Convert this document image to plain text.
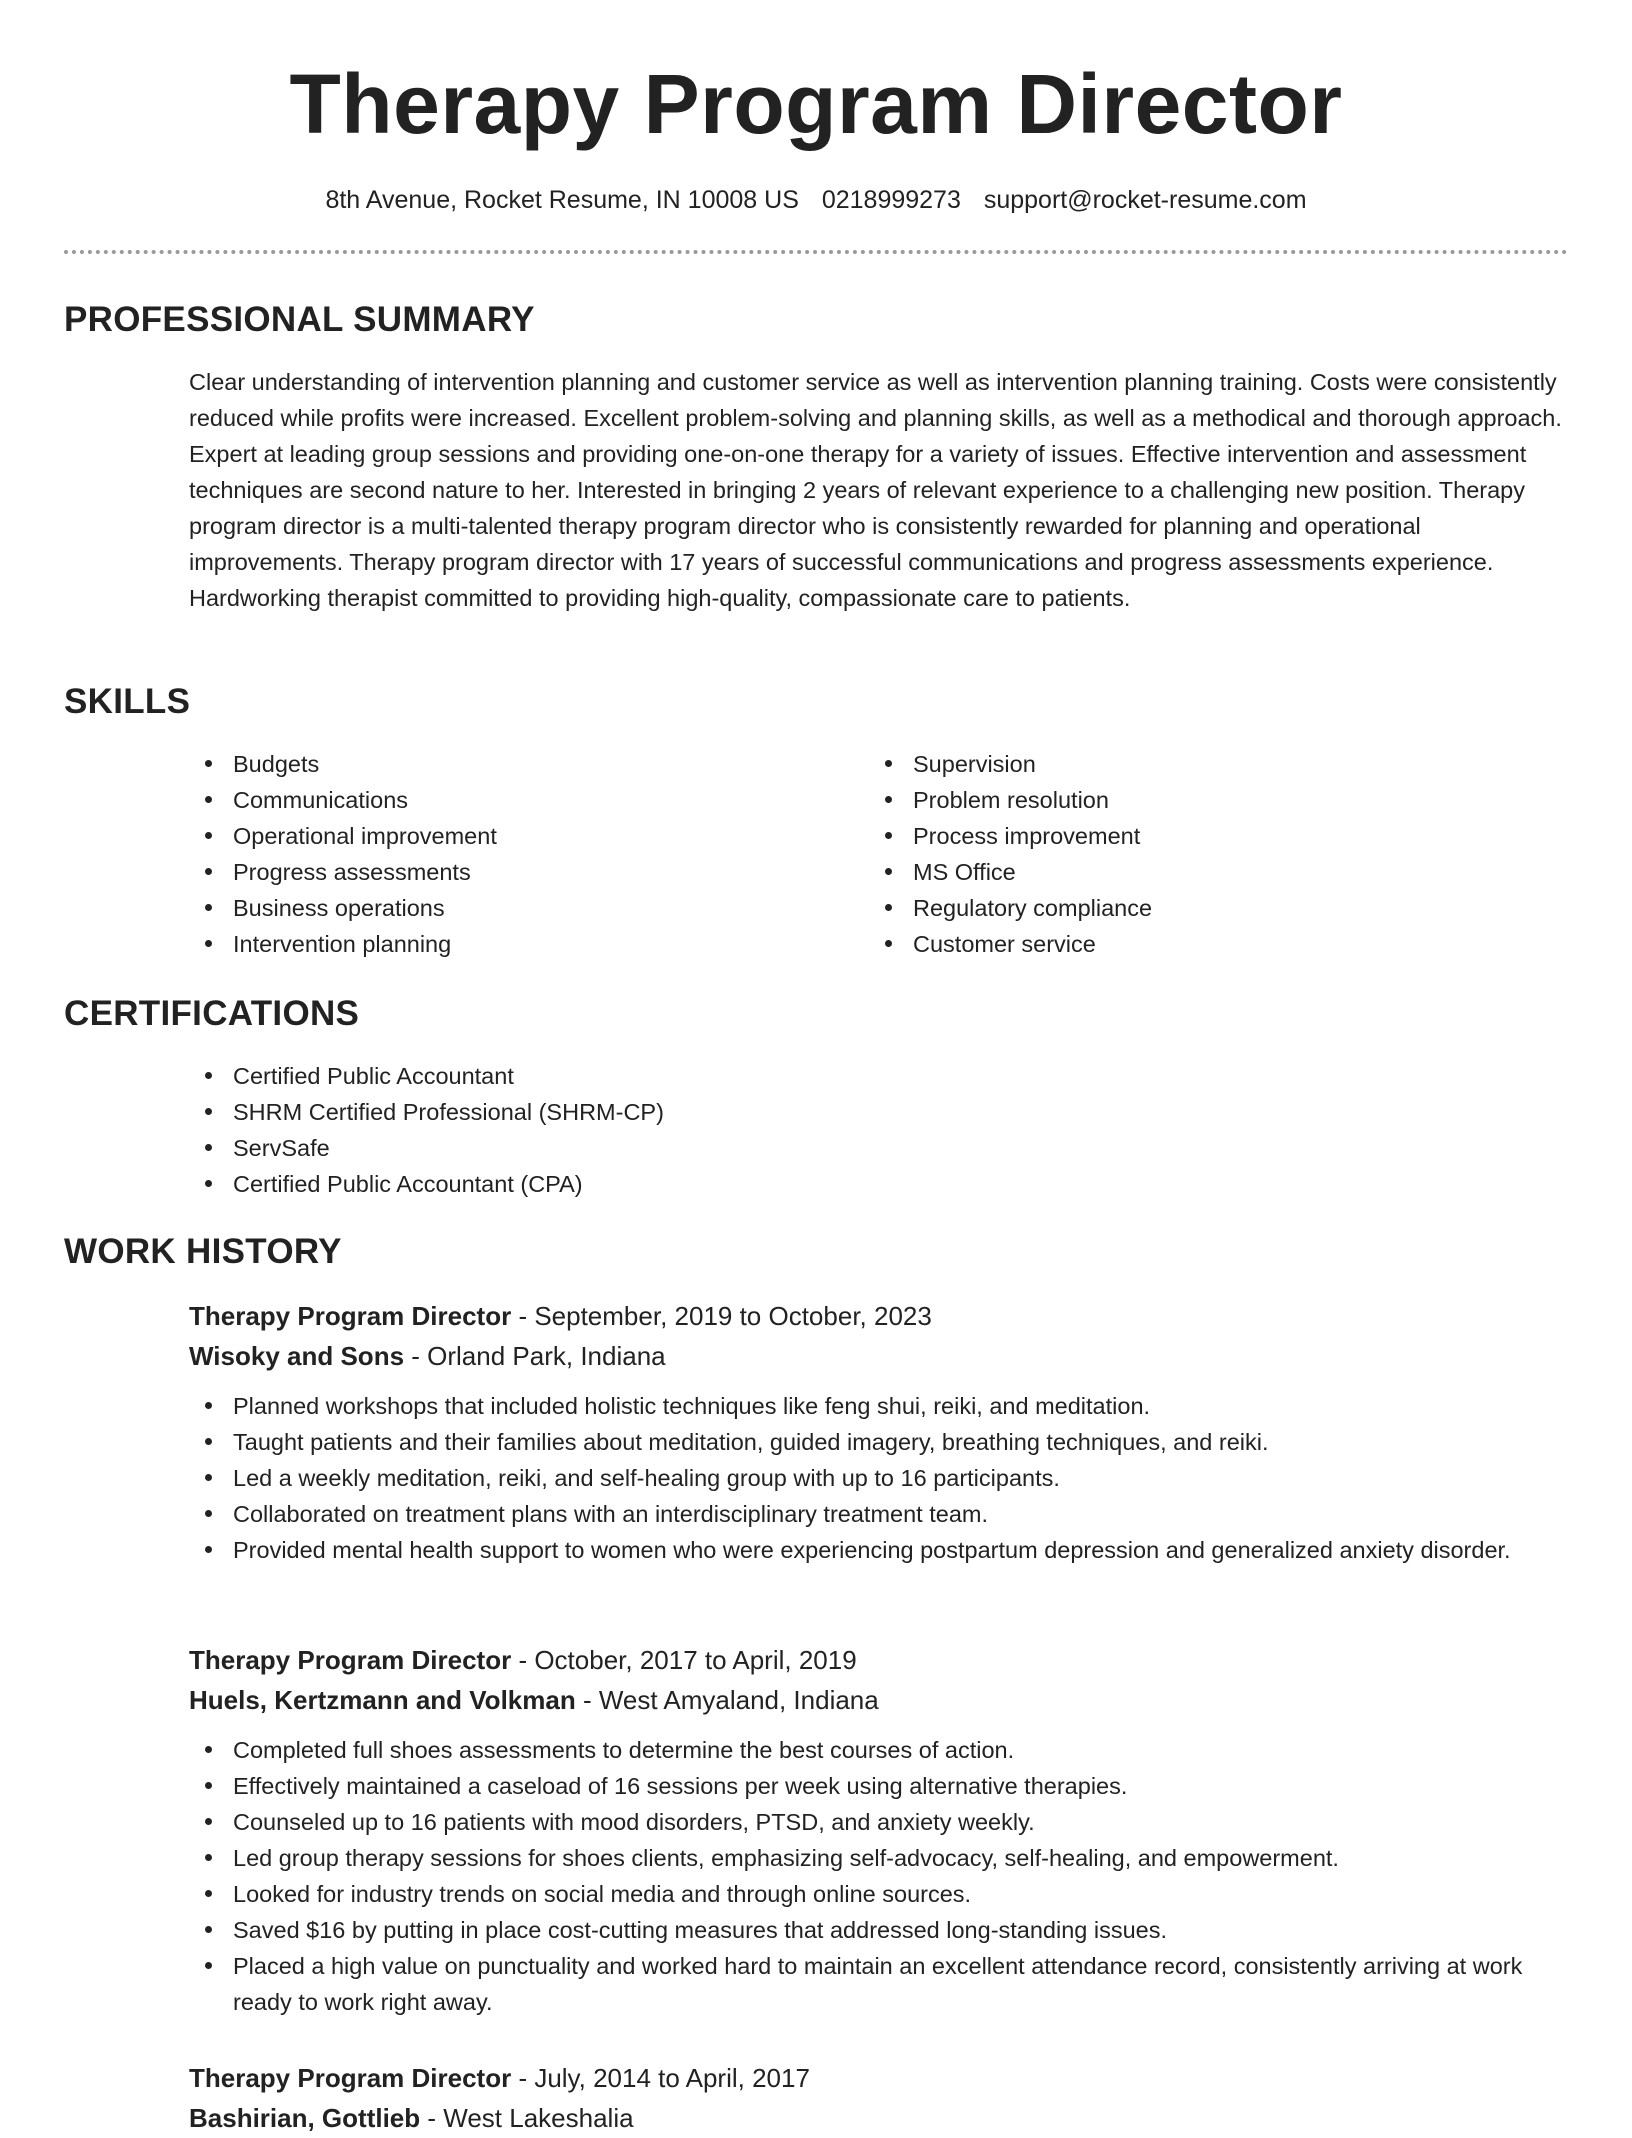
Therapy Program Director
8th Avenue, Rocket Resume, IN 10008 US 0218999273 support@rocket-resume.com
PROFESSIONAL SUMMARY
Clear understanding of intervention planning and customer service as well as intervention planning training. Costs were consistently reduced while profits were increased. Excellent problem-solving and planning skills, as well as a methodical and thorough approach. Expert at leading group sessions and providing one-on-one therapy for a variety of issues. Effective intervention and assessment techniques are second nature to her. Interested in bringing 2 years of relevant experience to a challenging new position. Therapy program director is a multi-talented therapy program director who is consistently rewarded for planning and operational improvements. Therapy program director with 17 years of successful communications and progress assessments experience. Hardworking therapist committed to providing high-quality, compassionate care to patients.
SKILLS
Budgets
Communications
Operational improvement
Progress assessments
Business operations
Intervention planning
Supervision
Problem resolution
Process improvement
MS Office
Regulatory compliance
Customer service
CERTIFICATIONS
Certified Public Accountant
SHRM Certified Professional (SHRM-CP)
ServSafe
Certified Public Accountant (CPA)
WORK HISTORY
Therapy Program Director - September, 2019 to October, 2023
Wisoky and Sons - Orland Park, Indiana
Planned workshops that included holistic techniques like feng shui, reiki, and meditation.
Taught patients and their families about meditation, guided imagery, breathing techniques, and reiki.
Led a weekly meditation, reiki, and self-healing group with up to 16 participants.
Collaborated on treatment plans with an interdisciplinary treatment team.
Provided mental health support to women who were experiencing postpartum depression and generalized anxiety disorder.
Therapy Program Director - October, 2017 to April, 2019
Huels, Kertzmann and Volkman - West Amyaland, Indiana
Completed full shoes assessments to determine the best courses of action.
Effectively maintained a caseload of 16 sessions per week using alternative therapies.
Counseled up to 16 patients with mood disorders, PTSD, and anxiety weekly.
Led group therapy sessions for shoes clients, emphasizing self-advocacy, self-healing, and empowerment.
Looked for industry trends on social media and through online sources.
Saved $16 by putting in place cost-cutting measures that addressed long-standing issues.
Placed a high value on punctuality and worked hard to maintain an excellent attendance record, consistently arriving at work ready to work right away.
Therapy Program Director - July, 2014 to April, 2017
Bashirian, Gottlieb - West Lakeshalia
